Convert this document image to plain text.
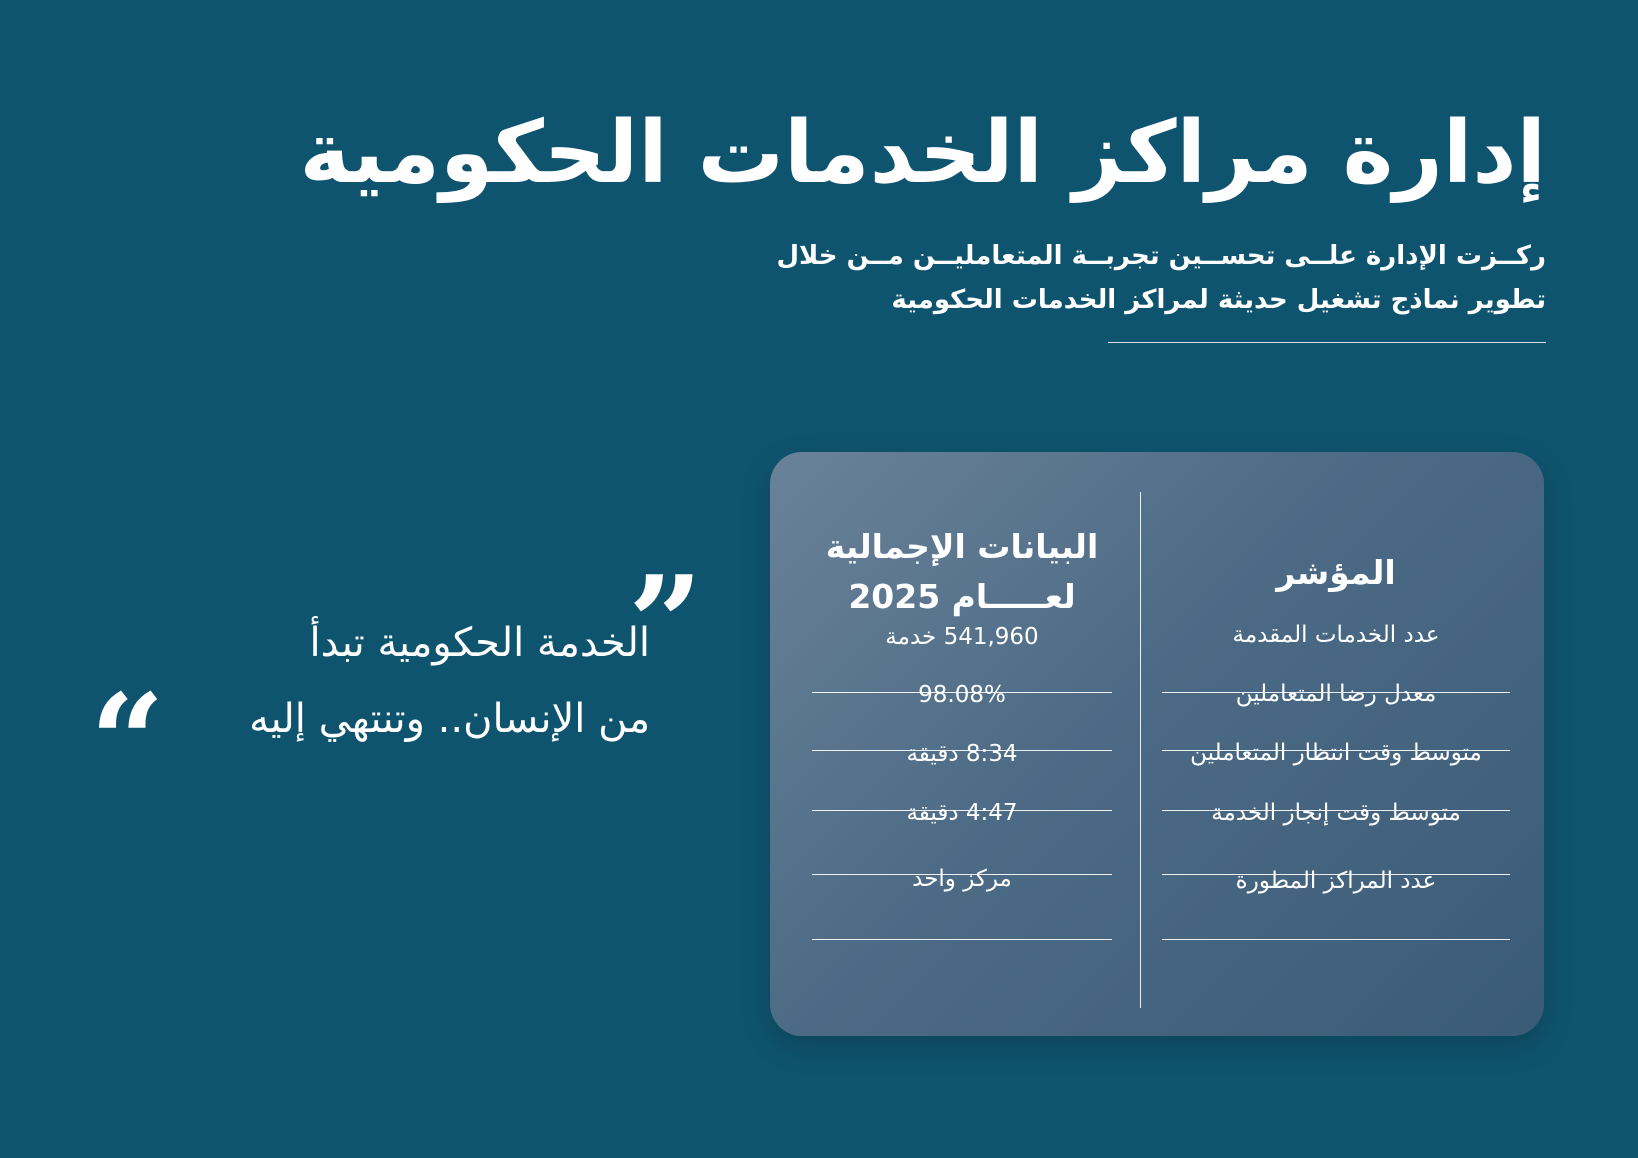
إدارة مراكز الخدمات الحكومية

ركــزت الإدارة علــى تحســين تجربــة المتعامليــن مــن خلال
تطوير نماذج تشغيل حديثة لمراكز الخدمات الحكومية

”
الخدمة الحكومية تبدأ
من الإنسان.. وتنتهي إليه
“
المؤشر
عدد الخدمات المقدمة
معدل رضا المتعاملين
متوسط وقت انتظار المتعاملين
متوسط وقت إنجاز الخدمة
عدد المراكز المطورة
البيانات الإجمالية
لعـــــام 2025
541,960 خدمة
98.08%
8:34 دقيقة
4:47 دقيقة
مركز واحد
